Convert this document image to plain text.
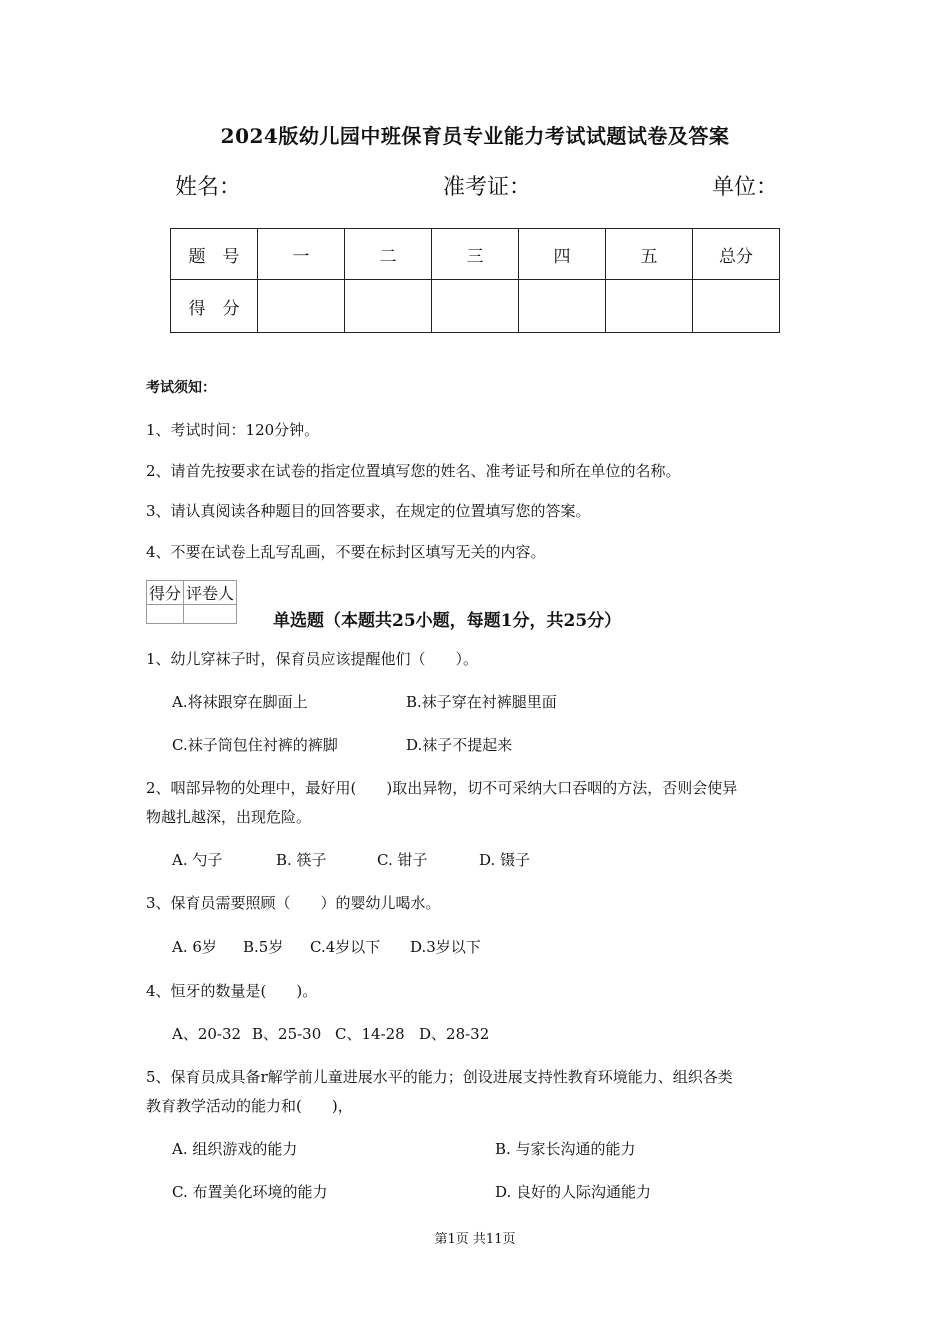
2024版幼儿园中班保育员专业能力考试试题试卷及答案
姓名：	准考证：	单位：
题　号	一	二	三	四	五	总分
得　分						
考试须知：
1、考试时间：120分钟。
2、请首先按要求在试卷的指定位置填写您的姓名、准考证号和所在单位的名称。
3、请认真阅读各种题目的回答要求，在规定的位置填写您的答案。
4、不要在试卷上乱写乱画，不要在标封区填写无关的内容。
得分	评卷人

单选题（本题共25小题，每题1分，共25分）
1、幼儿穿袜子时，保育员应该提醒他们（　　）。
A.将袜跟穿在脚面上	B.袜子穿在衬裤腿里面
C.袜子筒包住衬裤的裤脚	D.袜子不提起来
2、咽部异物的处理中，最好用(　　)取出异物，切不可采纳大口吞咽的方法，否则会使异
物越扎越深，出现危险。
A. 勺子	B. 筷子	C. 钳子	D. 镊子
3、保育员需要照顾（　　）的婴幼儿喝水。
A. 6岁 B.5岁 C.4岁以下 D.3岁以下
4、恒牙的数量是(　　)。
A、20-32 B、25-30 C、14-28 D、28-32
5、保育员成具备r解学前儿童进展水平的能力；创设进展支持性教育环境能力、组织各类
教育教学活动的能力和(　　)，
A. 组织游戏的能力	B. 与家长沟通的能力
C. 布置美化环境的能力	D. 良好的人际沟通能力
第1页 共11页
